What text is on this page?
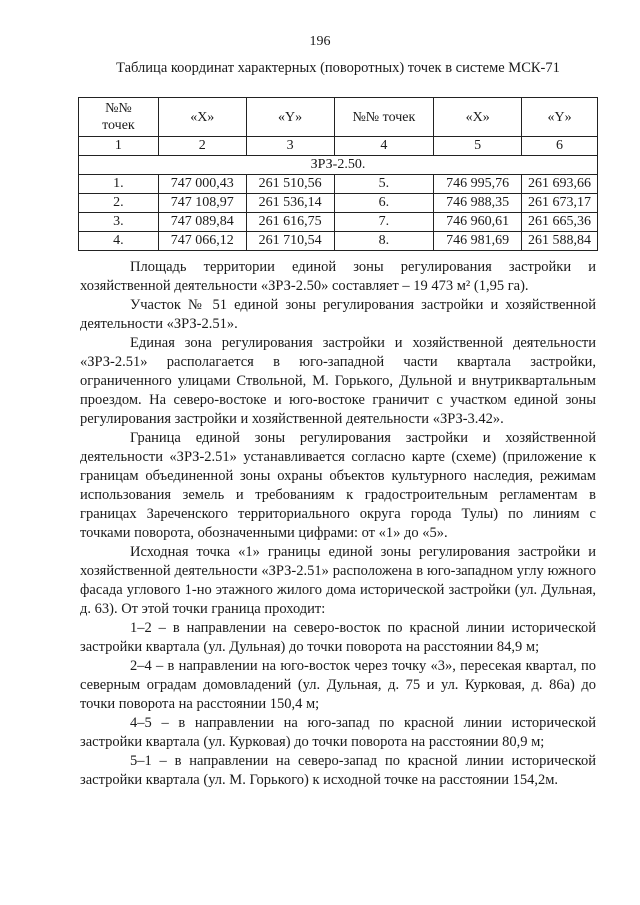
196
Таблица координат характерных (поворотных) точек в системе МСК-71
№№
точек	«X»	«Y»	№№ точек	«X»	«Y»
1	2	3	4	5	6
ЗРЗ-2.50.					
1.	747 000,43	261 510,56	5.	746 995,76	261 693,66
2.	747 108,97	261 536,14	6.	746 988,35	261 673,17
3.	747 089,84	261 616,75	7.	746 960,61	261 665,36
4.	747 066,12	261 710,54	8.	746 981,69	261 588,84

Площадь территории единой зоны регулирования застройки и хозяйственной деятельности «ЗРЗ-2.50» составляет – 19 473 м² (1,95 га).

Участок № 51 единой зоны регулирования застройки и хозяйственной деятельности «ЗРЗ-2.51».

Единая зона регулирования застройки и хозяйственной деятельности «ЗРЗ-2.51» располагается в юго-западной части квартала застройки, ограниченного улицами Ствольной, М. Горького, Дульной и внутриквартальным проездом. На северо-востоке и юго-востоке граничит с участком единой зоны регулирования застройки и хозяйственной деятельности «ЗРЗ-3.42».

Граница единой зоны регулирования застройки и хозяйственной деятельности «ЗРЗ-2.51» устанавливается согласно карте (схеме) (приложение к границам объединенной зоны охраны объектов культурного наследия, режимам использования земель и требованиям к градостроительным регламентам в границах Зареченского территориального округа города Тулы) по линиям с точками поворота, обозначенными цифрами: от «1» до «5».

Исходная точка «1» границы единой зоны регулирования застройки и хозяйственной деятельности «ЗРЗ-2.51» расположена в юго-западном углу южного фасада углового 1-но этажного жилого дома исторической застройки (ул. Дульная, д. 63). От этой точки граница проходит:

1–2 – в направлении на северо-восток по красной линии исторической застройки квартала (ул. Дульная) до точки поворота на расстоянии 84,9 м;

2–4 – в направлении на юго-восток через точку «3», пересекая квартал, по северным оградам домовладений (ул. Дульная, д. 75 и ул. Курковая, д. 86а) до точки поворота на расстоянии 150,4 м;

4–5 – в направлении на юго-запад по красной линии исторической застройки квартала (ул. Курковая) до точки поворота на расстоянии 80,9 м;

5–1 – в направлении на северо-запад по красной линии исторической застройки квартала (ул. М. Горького) к исходной точке на расстоянии 154,2м.
